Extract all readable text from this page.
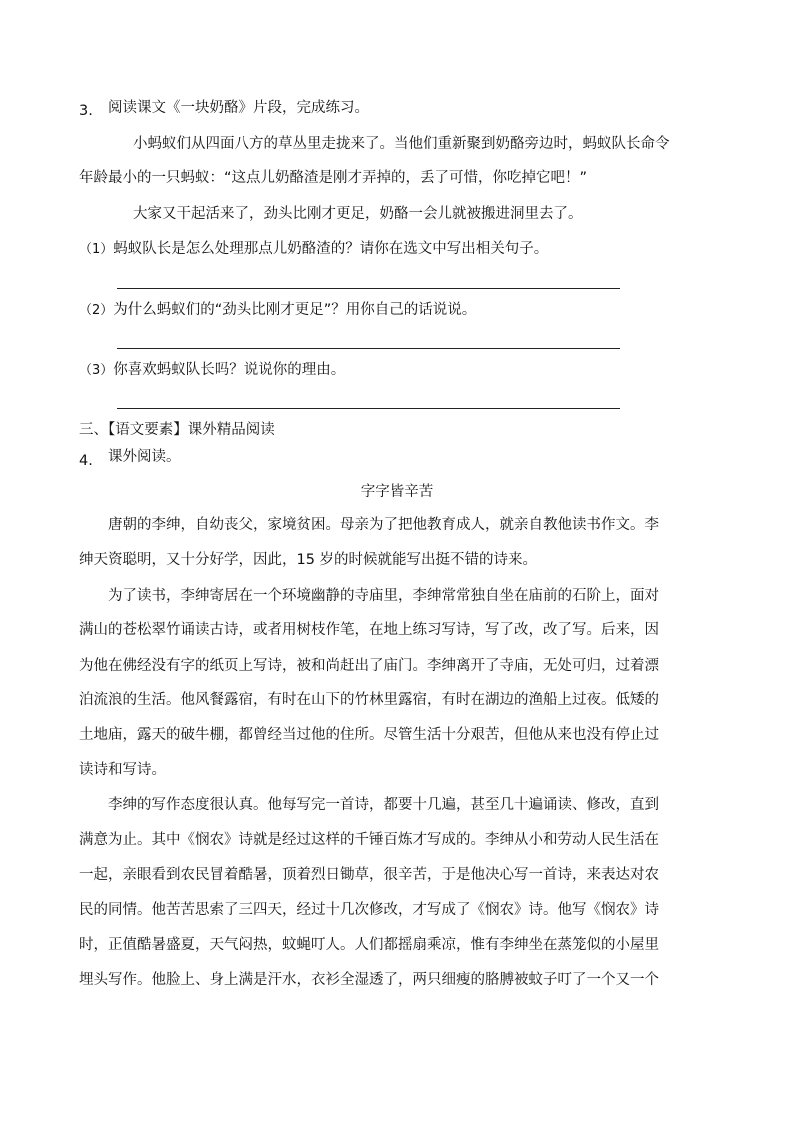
3. 阅读课文《一块奶酪》片段，完成练习。
小蚂蚁们从四面八方的草丛里走拢来了。当他们重新聚到奶酪旁边时，蚂蚁队长命令
年龄最小的一只蚂蚁：“这点儿奶酪渣是刚才弄掉的，丢了可惜，你吃掉它吧！”
大家又干起活来了，劲头比刚才更足，奶酪一会儿就被搬进洞里去了。
（1）蚂蚁队长是怎么处理那点儿奶酪渣的？请你在选文中写出相关句子。
（2）为什么蚂蚁们的“劲头比刚才更足”？用你自己的话说说。
（3）你喜欢蚂蚁队长吗？说说你的理由。
三、【语文要素】课外精品阅读
4. 课外阅读。
字字皆辛苦
唐朝的李绅，自幼丧父，家境贫困。母亲为了把他教育成人，就亲自教他读书作文。李
绅天资聪明，又十分好学，因此，15 岁的时候就能写出挺不错的诗来。
为了读书，李绅寄居在一个环境幽静的寺庙里，李绅常常独自坐在庙前的石阶上，面对
满山的苍松翠竹诵读古诗，或者用树枝作笔，在地上练习写诗，写了改，改了写。后来，因
为他在佛经没有字的纸页上写诗，被和尚赶出了庙门。李绅离开了寺庙，无处可归，过着漂
泊流浪的生活。他风餐露宿，有时在山下的竹林里露宿，有时在湖边的渔船上过夜。低矮的
土地庙，露天的破牛棚，都曾经当过他的住所。尽管生活十分艰苦，但他从来也没有停止过
读诗和写诗。
李绅的写作态度很认真。他每写完一首诗，都要十几遍，甚至几十遍诵读、修改，直到
满意为止。其中《悯农》诗就是经过这样的千锤百炼才写成的。李绅从小和劳动人民生活在
一起，亲眼看到农民冒着酷暑，顶着烈日锄草，很辛苦，于是他决心写一首诗，来表达对农
民的同情。他苦苦思索了三四天，经过十几次修改，才写成了《悯农》诗。他写《悯农》诗
时，正值酷暑盛夏，天气闷热，蚊蝇叮人。人们都摇扇乘凉，惟有李绅坐在蒸笼似的小屋里
埋头写作。他脸上、身上满是汗水，衣衫全湿透了，两只细瘦的胳膊被蚊子叮了一个又一个
